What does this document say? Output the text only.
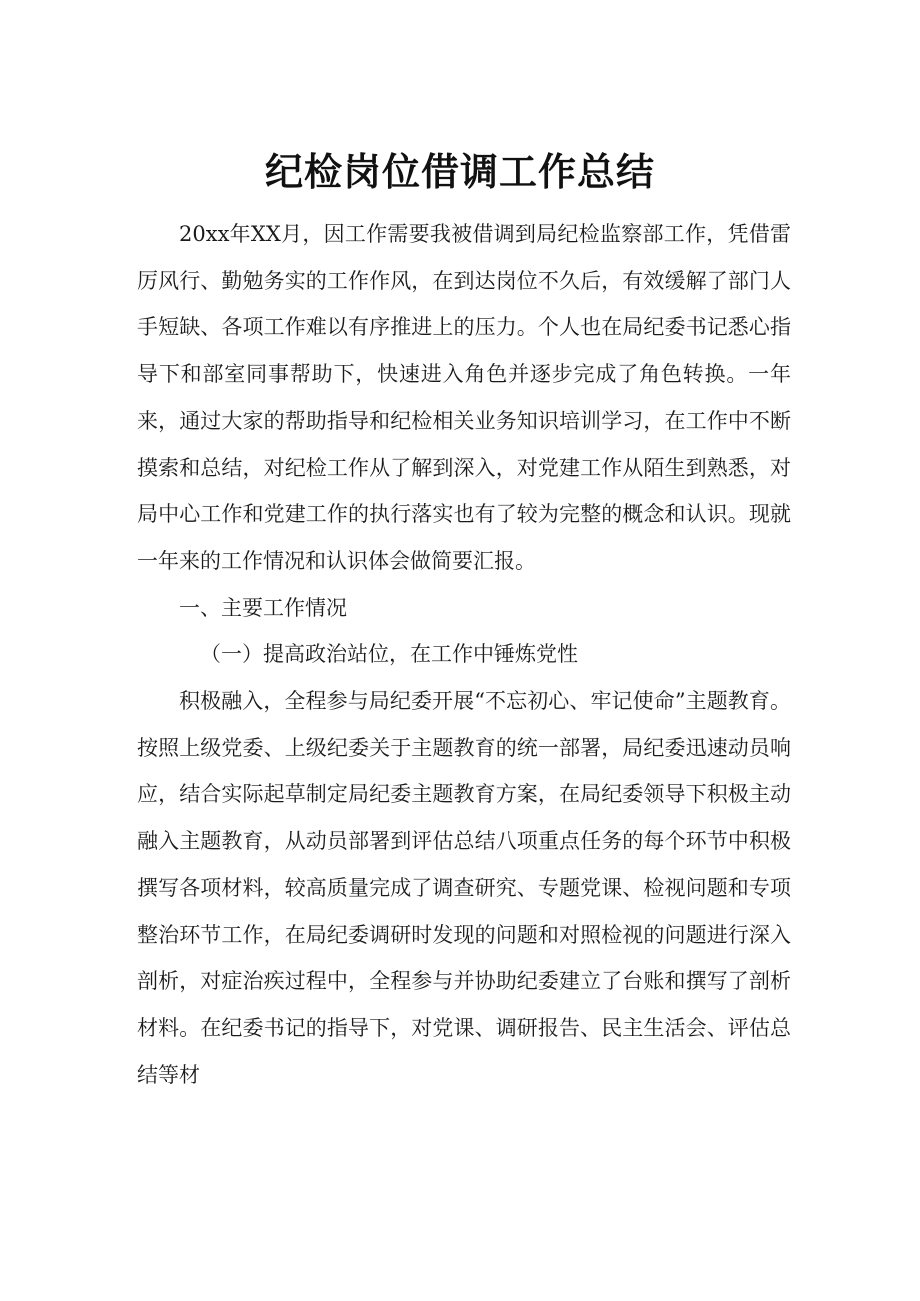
纪检岗位借调工作总结

20xx年XX月，因工作需要我被借调到局纪检监察部工作，凭借雷厉风行、勤勉务实的工作作风，在到达岗位不久后，有效缓解了部门人手短缺、各项工作难以有序推进上的压力。个人也在局纪委书记悉心指导下和部室同事帮助下，快速进入角色并逐步完成了角色转换。一年来，通过大家的帮助指导和纪检相关业务知识培训学习，在工作中不断摸索和总结，对纪检工作从了解到深入，对党建工作从陌生到熟悉，对局中心工作和党建工作的执行落实也有了较为完整的概念和认识。现就一年来的工作情况和认识体会做简要汇报。

一、主要工作情况

（一）提高政治站位，在工作中锤炼党性

积极融入，全程参与局纪委开展“不忘初心、牢记使命”主题教育。按照上级党委、上级纪委关于主题教育的统一部署，局纪委迅速动员响应，结合实际起草制定局纪委主题教育方案，在局纪委领导下积极主动融入主题教育，从动员部署到评估总结八项重点任务的每个环节中积极撰写各项材料，较高质量完成了调查研究、专题党课、检视问题和专项整治环节工作，在局纪委调研时发现的问题和对照检视的问题进行深入剖析，对症治疾过程中，全程参与并协助纪委建立了台账和撰写了剖析材料。在纪委书记的指导下，对党课、调研报告、民主生活会、评估总结等材
